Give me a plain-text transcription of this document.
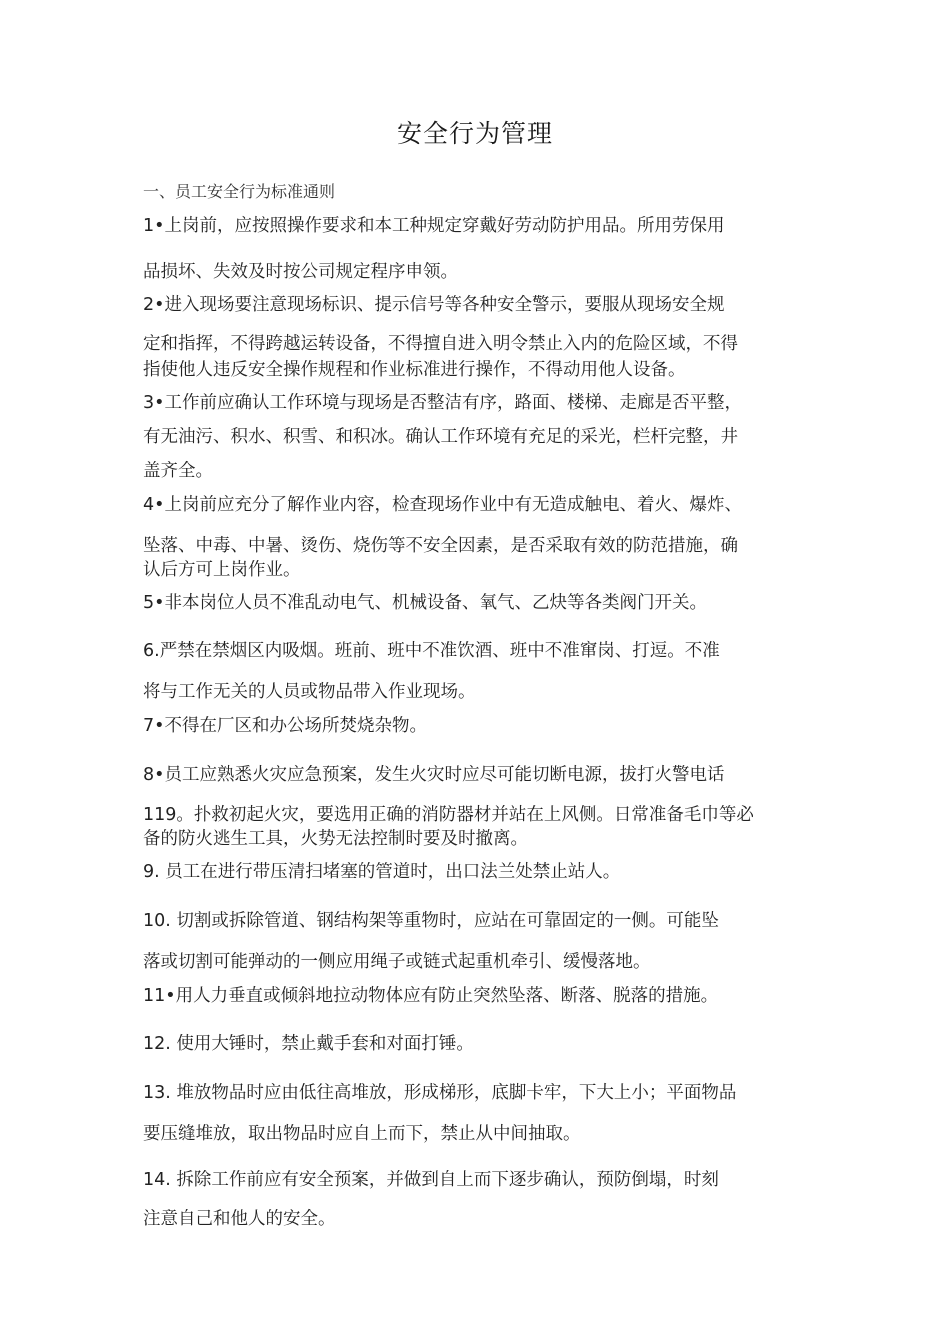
安全行为管理
一、员工安全行为标准通则
1•上岗前，应按照操作要求和本工种规定穿戴好劳动防护用品。所用劳保用
品损坏、失效及时按公司规定程序申领。
2•进入现场要注意现场标识、提示信号等各种安全警示，要服从现场安全规
定和指挥，不得跨越运转设备，不得擅自进入明令禁止入内的危险区域，不得
指使他人违反安全操作规程和作业标准进行操作，不得动用他人设备。
3•工作前应确认工作环境与现场是否整洁有序，路面、楼梯、走廊是否平整，
有无油污、积水、积雪、和积冰。确认工作环境有充足的采光，栏杆完整，井
盖齐全。
4•上岗前应充分了解作业内容，检查现场作业中有无造成触电、着火、爆炸、
坠落、中毒、中暑、烫伤、烧伤等不安全因素，是否采取有效的防范措施，确
认后方可上岗作业。
5•非本岗位人员不准乱动电气、机械设备、氧气、乙炔等各类阀门开关。
6.严禁在禁烟区内吸烟。班前、班中不准饮酒、班中不准窜岗、打逗。不准
将与工作无关的人员或物品带入作业现场。
7•不得在厂区和办公场所焚烧杂物。
8•员工应熟悉火灾应急预案，发生火灾时应尽可能切断电源，拔打火警电话
119。扑救初起火灾，要选用正确的消防器材并站在上风侧。日常准备毛巾等必
备的防火逃生工具，火势无法控制时要及时撤离。
9. 员工在进行带压清扫堵塞的管道时，出口法兰处禁止站人。
10. 切割或拆除管道、钢结构架等重物时，应站在可靠固定的一侧。可能坠
落或切割可能弹动的一侧应用绳子或链式起重机牵引、缓慢落地。
11•用人力垂直或倾斜地拉动物体应有防止突然坠落、断落、脱落的措施。
12. 使用大锤时，禁止戴手套和对面打锤。
13. 堆放物品时应由低往高堆放，形成梯形，底脚卡牢，下大上小；平面物品
要压缝堆放，取出物品时应自上而下，禁止从中间抽取。
14. 拆除工作前应有安全预案，并做到自上而下逐步确认，预防倒塌，时刻
注意自己和他人的安全。
